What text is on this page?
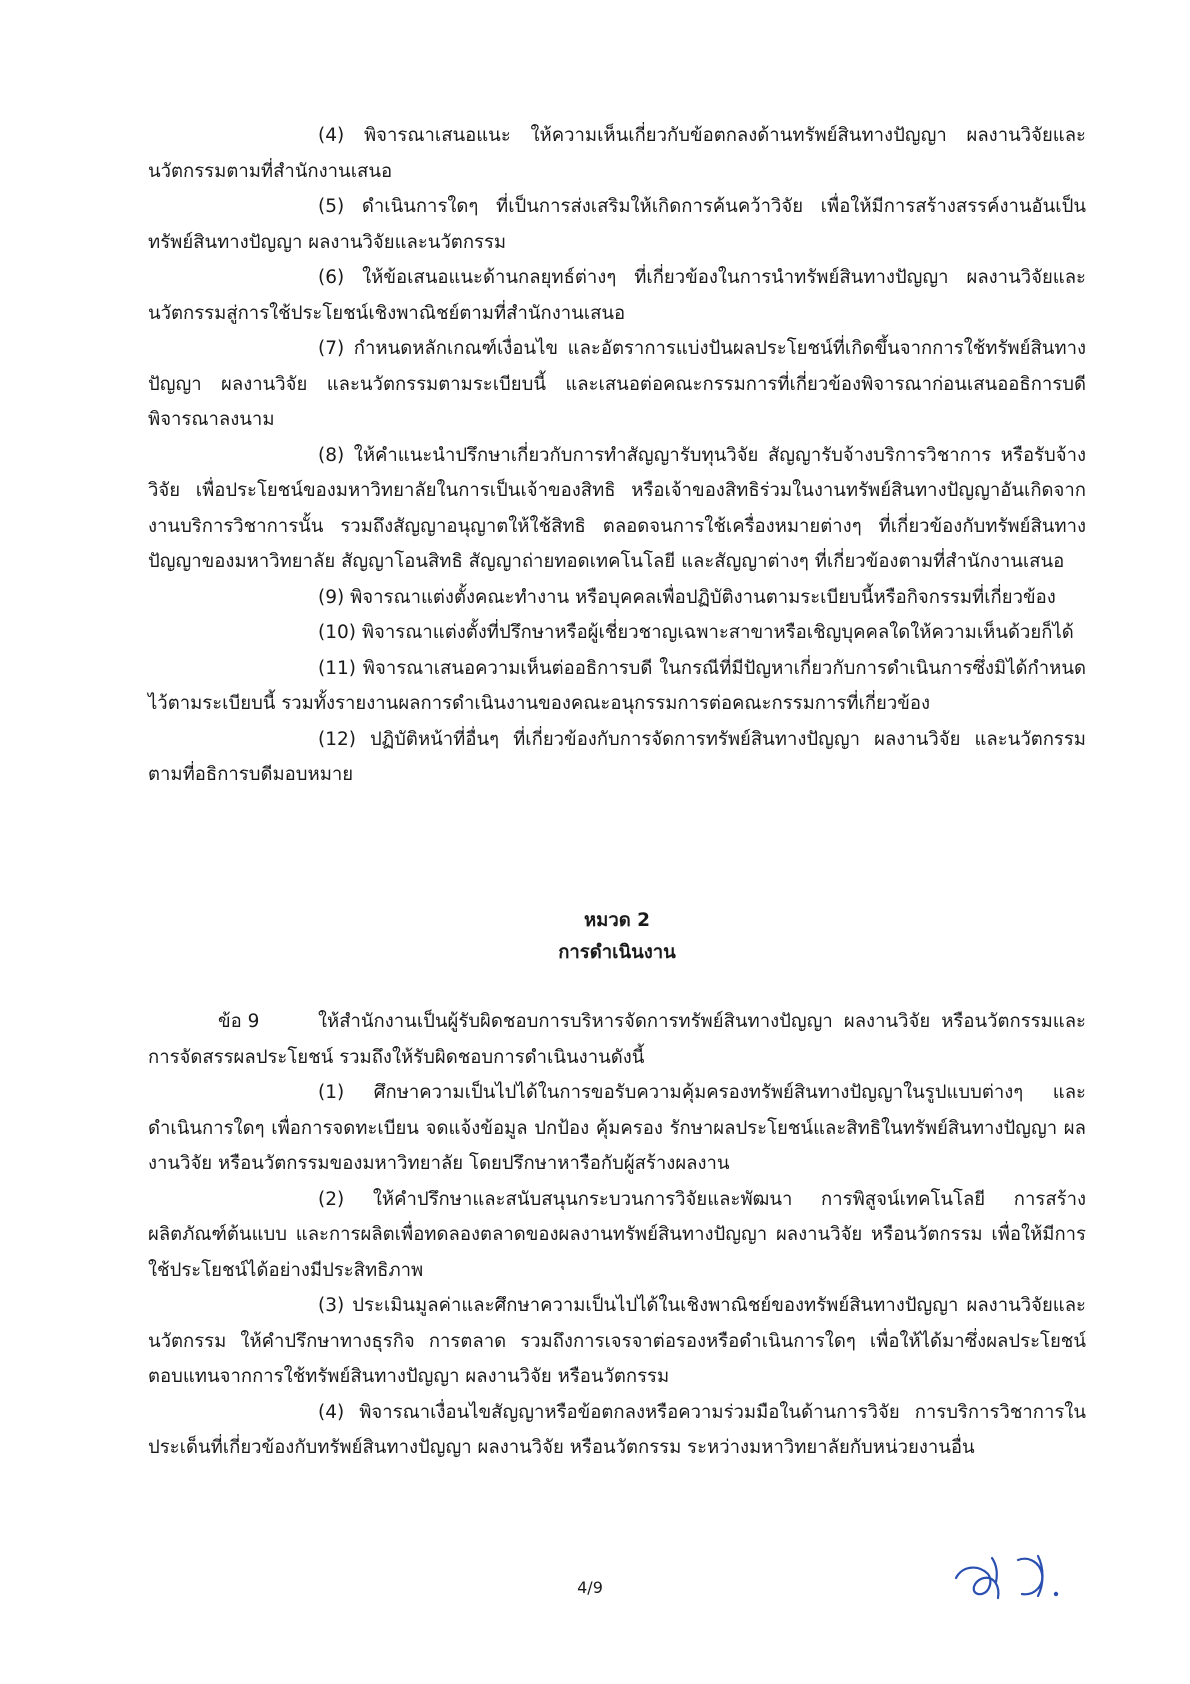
(4) พิจารณาเสนอแนะ ให้ความเห็นเกี่ยวกับข้อตกลงด้านทรัพย์สินทางปัญญา ผลงานวิจัยและนวัตกรรมตามที่สำนักงานเสนอ

(5) ดำเนินการใดๆ ที่เป็นการส่งเสริมให้เกิดการค้นคว้าวิจัย เพื่อให้มีการสร้างสรรค์งานอันเป็นทรัพย์สินทางปัญญา ผลงานวิจัยและนวัตกรรม

(6) ให้ข้อเสนอแนะด้านกลยุทธ์ต่างๆ ที่เกี่ยวข้องในการนำทรัพย์สินทางปัญญา ผลงานวิจัยและนวัตกรรมสู่การใช้ประโยชน์เชิงพาณิชย์ตามที่สำนักงานเสนอ

(7) กำหนดหลักเกณฑ์เงื่อนไข และอัตราการแบ่งปันผลประโยชน์ที่เกิดขึ้นจากการใช้ทรัพย์สินทางปัญญา ผลงานวิจัย และนวัตกรรมตามระเบียบนี้ และเสนอต่อคณะกรรมการที่เกี่ยวข้องพิจารณาก่อนเสนออธิการบดีพิจารณาลงนาม

(8) ให้คำแนะนำปรึกษาเกี่ยวกับการทำสัญญารับทุนวิจัย สัญญารับจ้างบริการวิชาการ หรือรับจ้างวิจัย เพื่อประโยชน์ของมหาวิทยาลัยในการเป็นเจ้าของสิทธิ หรือเจ้าของสิทธิร่วมในงานทรัพย์สินทางปัญญาอันเกิดจากงานบริการวิชาการนั้น รวมถึงสัญญาอนุญาตให้ใช้สิทธิ ตลอดจนการใช้เครื่องหมายต่างๆ ที่เกี่ยวข้องกับทรัพย์สินทางปัญญาของมหาวิทยาลัย สัญญาโอนสิทธิ สัญญาถ่ายทอดเทคโนโลยี และสัญญาต่างๆ ที่เกี่ยวข้องตามที่สำนักงานเสนอ

(9) พิจารณาแต่งตั้งคณะทำงาน หรือบุคคลเพื่อปฏิบัติงานตามระเบียบนี้หรือกิจกรรมที่เกี่ยวข้อง

(10) พิจารณาแต่งตั้งที่ปรึกษาหรือผู้เชี่ยวชาญเฉพาะสาขาหรือเชิญบุคคลใดให้ความเห็นด้วยก็ได้

(11) พิจารณาเสนอความเห็นต่ออธิการบดี ในกรณีที่มีปัญหาเกี่ยวกับการดำเนินการซึ่งมิได้กำหนดไว้ตามระเบียบนี้ รวมทั้งรายงานผลการดำเนินงานของคณะอนุกรรมการต่อคณะกรรมการที่เกี่ยวข้อง

(12) ปฏิบัติหน้าที่อื่นๆ ที่เกี่ยวข้องกับการจัดการทรัพย์สินทางปัญญา ผลงานวิจัย และนวัตกรรมตามที่อธิการบดีมอบหมาย

หมวด 2
การดำเนินงาน

ข้อ 9	ให้สำนักงานเป็นผู้รับผิดชอบการบริหารจัดการทรัพย์สินทางปัญญา ผลงานวิจัย หรือนวัตกรรมและการจัดสรรผลประโยชน์ รวมถึงให้รับผิดชอบการดำเนินงานดังนี้

(1) ศึกษาความเป็นไปได้ในการขอรับความคุ้มครองทรัพย์สินทางปัญญาในรูปแบบต่างๆ และดำเนินการใดๆ เพื่อการจดทะเบียน จดแจ้งข้อมูล ปกป้อง คุ้มครอง รักษาผลประโยชน์และสิทธิในทรัพย์สินทางปัญญา ผลงานวิจัย หรือนวัตกรรมของมหาวิทยาลัย โดยปรึกษาหารือกับผู้สร้างผลงาน

(2) ให้คำปรึกษาและสนับสนุนกระบวนการวิจัยและพัฒนา การพิสูจน์เทคโนโลยี การสร้างผลิตภัณฑ์ต้นแบบ และการผลิตเพื่อทดลองตลาดของผลงานทรัพย์สินทางปัญญา ผลงานวิจัย หรือนวัตกรรม เพื่อให้มีการใช้ประโยชน์ได้อย่างมีประสิทธิภาพ

(3) ประเมินมูลค่าและศึกษาความเป็นไปได้ในเชิงพาณิชย์ของทรัพย์สินทางปัญญา ผลงานวิจัยและนวัตกรรม ให้คำปรึกษาทางธุรกิจ การตลาด รวมถึงการเจรจาต่อรองหรือดำเนินการใดๆ เพื่อให้ได้มาซึ่งผลประโยชน์ตอบแทนจากการใช้ทรัพย์สินทางปัญญา ผลงานวิจัย หรือนวัตกรรม

(4) พิจารณาเงื่อนไขสัญญาหรือข้อตกลงหรือความร่วมมือในด้านการวิจัย การบริการวิชาการในประเด็นที่เกี่ยวข้องกับทรัพย์สินทางปัญญา ผลงานวิจัย หรือนวัตกรรม ระหว่างมหาวิทยาลัยกับหน่วยงานอื่น

4/9
